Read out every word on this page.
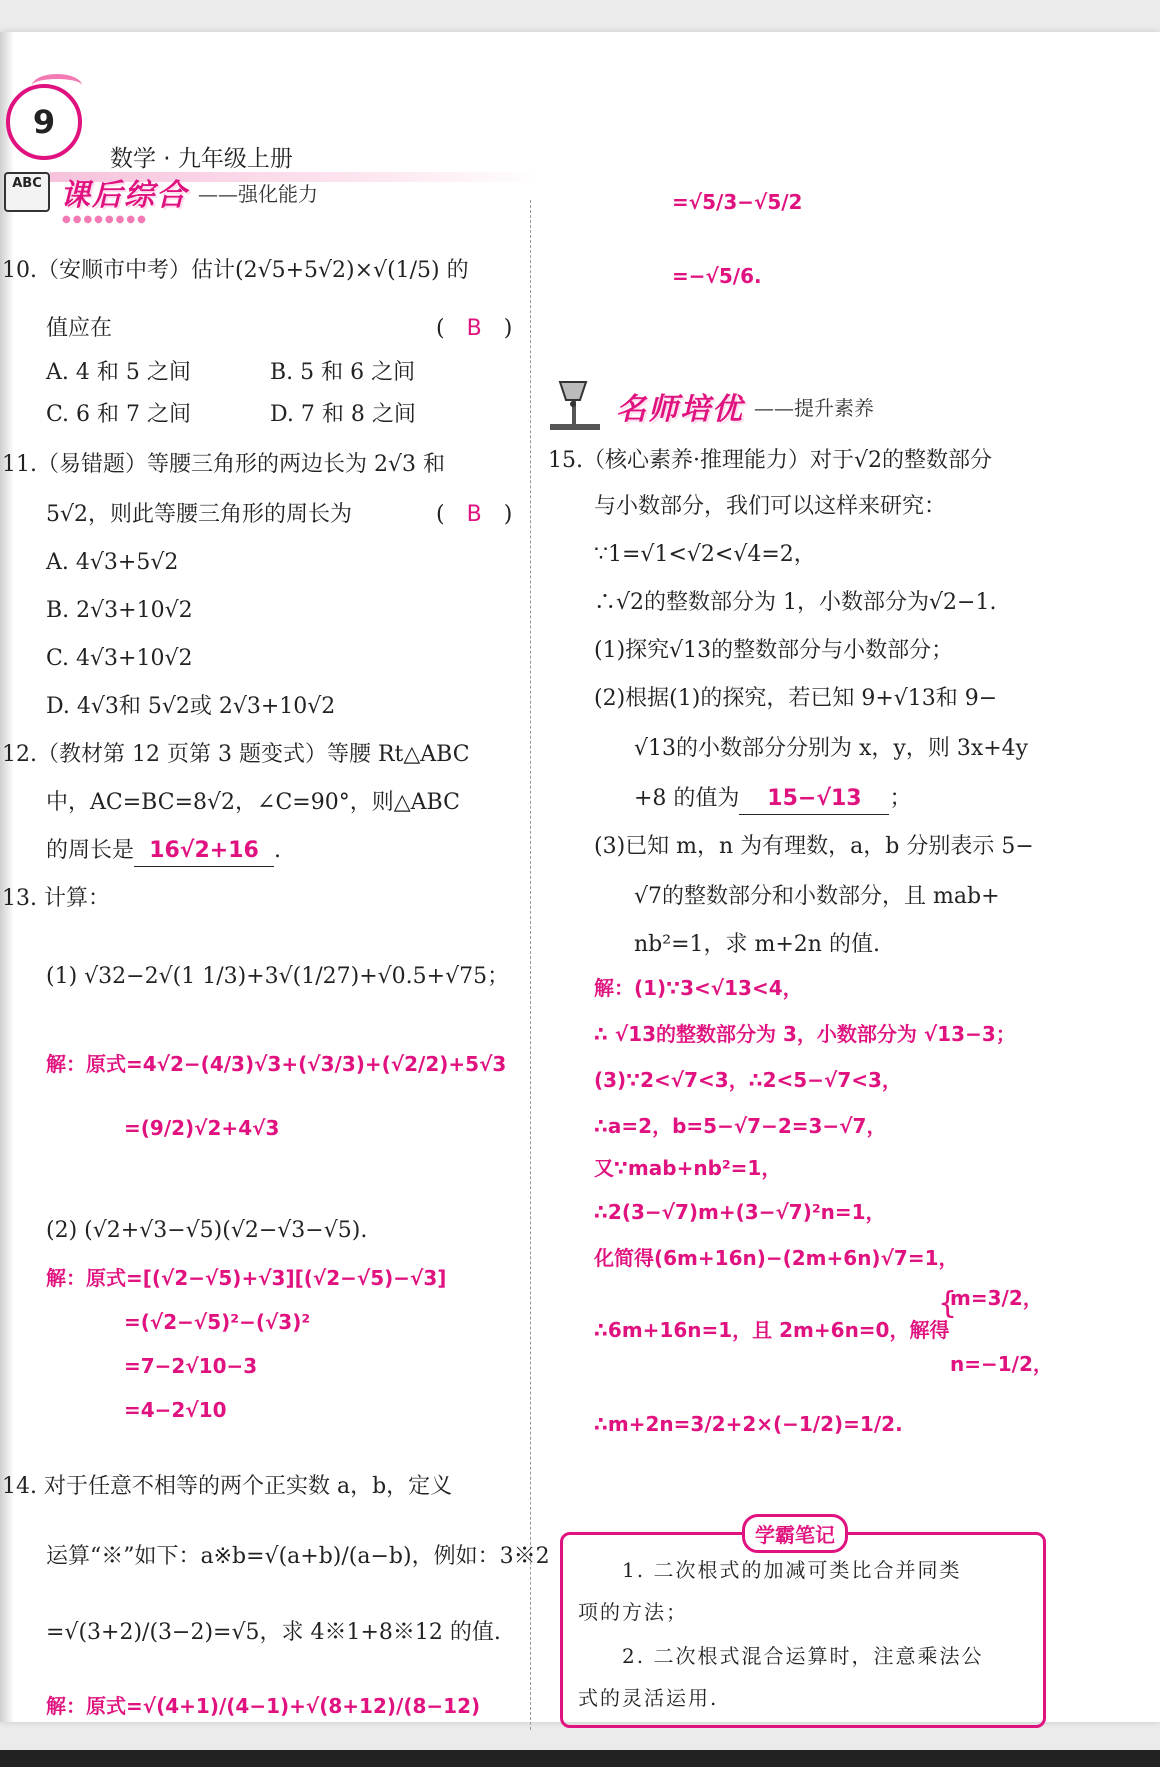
9
数学 · 九年级上册
ABC 课后综合 ——强化能力
●●●●●●●●
10.（安顺市中考）估计(2√5+5√2)×√(1/5) 的
值应在	(　B　)
A. 4 和 5 之间	B. 5 和 6 之间
C. 6 和 7 之间	D. 7 和 8 之间
11.（易错题）等腰三角形的两边长为 2√3 和
5√2，则此等腰三角形的周长为	(　B　)
A. 4√3+5√2
B. 2√3+10√2
C. 4√3+10√2
D. 4√3和 5√2或 2√3+10√2
12.（教材第 12 页第 3 题变式）等腰 Rt△ABC
中，AC=BC=8√2，∠C=90°，则△ABC
的周长是 16√2+16 .
13. 计算：
(1) √32−2√(1 1/3)+3√(1/27)+√0.5+√75；
解：原式=4√2−(4/3)√3+(√3/3)+(√2/2)+5√3
=(9/2)√2+4√3
(2) (√2+√3−√5)(√2−√3−√5).
解：原式=[(√2−√5)+√3][(√2−√5)−√3]
=(√2−√5)²−(√3)²
=7−2√10−3
=4−2√10
14. 对于任意不相等的两个正实数 a，b，定义
运算“※”如下：a※b=√(a+b)/(a−b)，例如：3※2
=√(3+2)/(3−2)=√5，求 4※1+8※12 的值.
解：原式=√(4+1)/(4−1)+√(8+12)/(8−12)
=√5/3−√5/2
=−√5/6.
名师培优 ——提升素养
15.（核心素养·推理能力）对于√2的整数部分
与小数部分，我们可以这样来研究：
∵1=√1<√2<√4=2，
∴√2的整数部分为 1，小数部分为√2−1.
(1)探究√13的整数部分与小数部分；
(2)根据(1)的探究，若已知 9+√13和 9−
√13的小数部分分别为 x，y，则 3x+4y
+8 的值为 15−√13 ；
(3)已知 m，n 为有理数，a，b 分别表示 5−
√7的整数部分和小数部分，且 mab+
nb²=1，求 m+2n 的值.
解：(1)∵3<√13<4，
∴ √13的整数部分为 3，小数部分为 √13−3；
(3)∵2<√7<3，∴2<5−√7<3，
∴a=2，b=5−√7−2=3−√7，
又∵mab+nb²=1，
∴2(3−√7)m+(3−√7)²n=1，
化简得(6m+16n)−(2m+6n)√7=1，
∴6m+16n=1，且 2m+6n=0，解得
{
m=3/2，
n=−1/2，
∴m+2n=3/2+2×(−1/2)=1/2.
学霸笔记
1. 二次根式的加减可类比合并同类
项的方法；
2. 二次根式混合运算时，注意乘法公
式的灵活运用.
